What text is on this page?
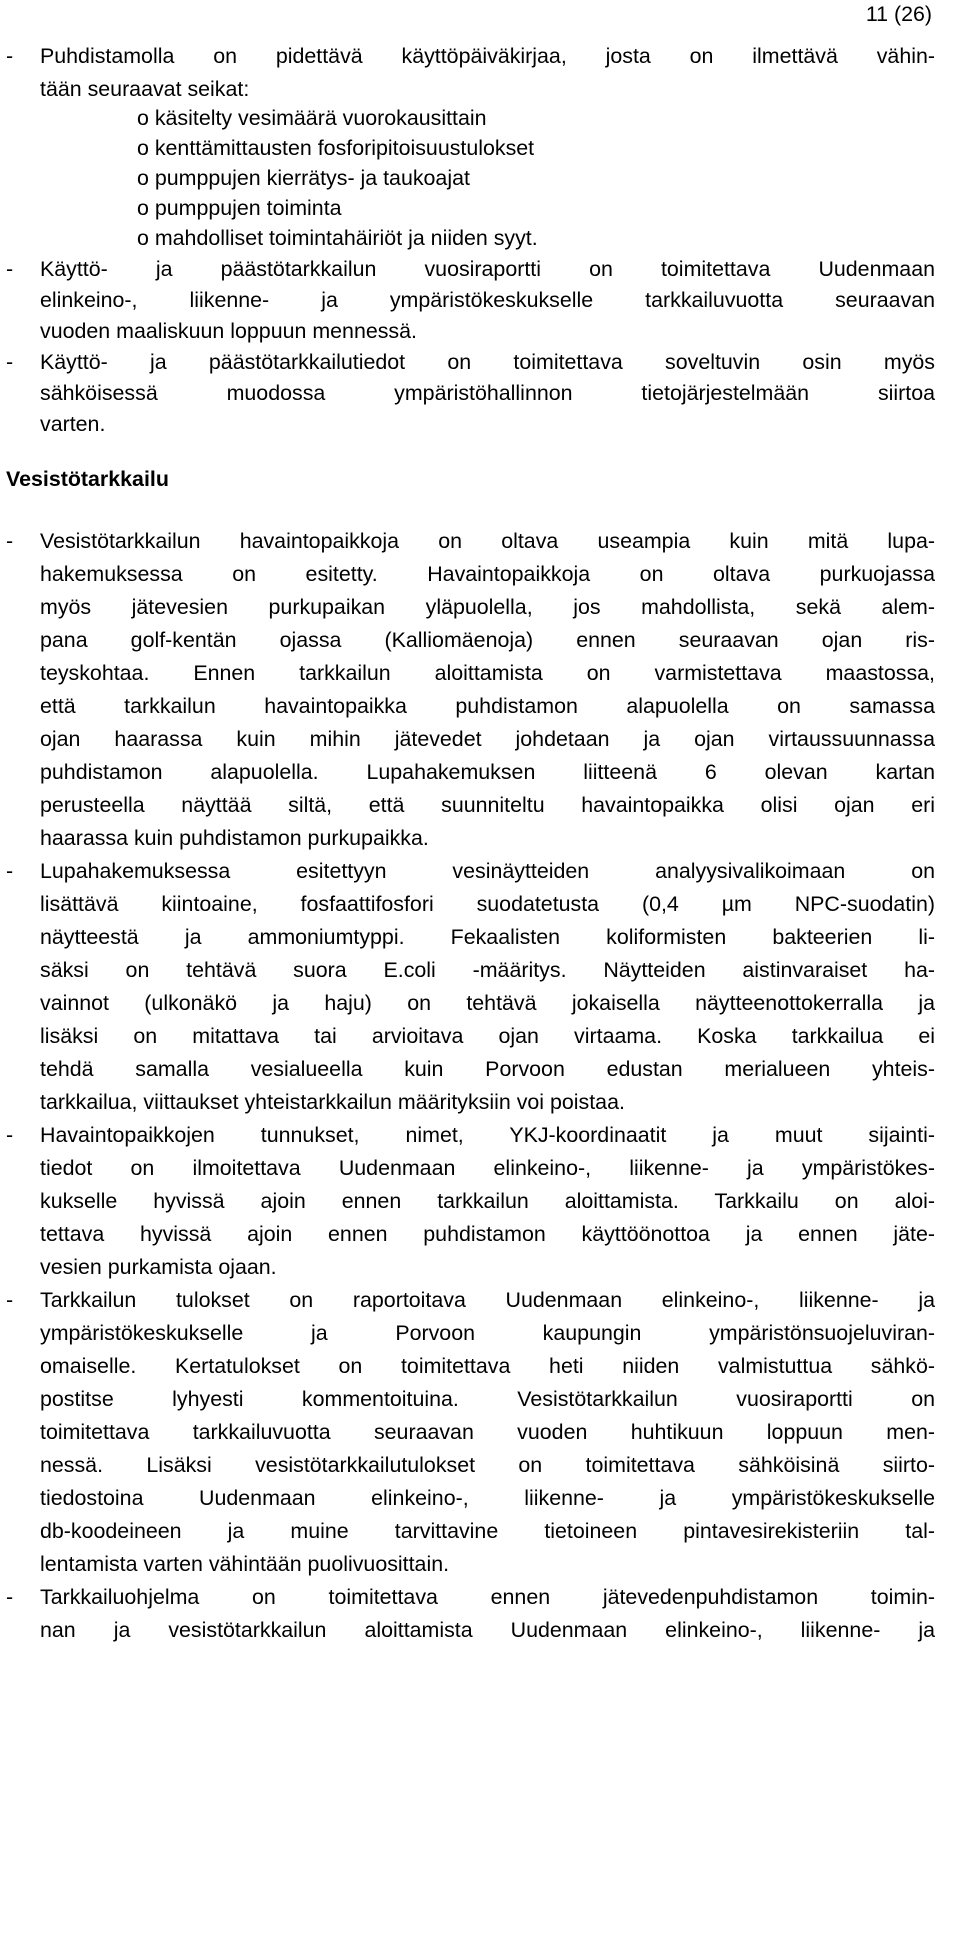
11 (26)
Vesistötarkkailu
Puhdistamolla on pidettävä käyttöpäiväkirjaa, josta on ilmettävä vähin-
tään seuraavat seikat:
o käsitelty vesimäärä vuorokausittain
o kenttämittausten fosforipitoisuustulokset
o pumppujen kierrätys- ja taukoajat
o pumppujen toiminta
o mahdolliset toimintahäiriöt ja niiden syyt.
Käyttö- ja päästötarkkailun vuosiraportti on toimitettava Uudenmaan
elinkeino-, liikenne- ja ympäristökeskukselle tarkkailuvuotta seuraavan
vuoden maaliskuun loppuun mennessä.
Käyttö- ja päästötarkkailutiedot on toimitettava soveltuvin osin myös
sähköisessä muodossa ympäristöhallinnon tietojärjestelmään siirtoa
varten.
Vesistötarkkailun havaintopaikkoja on oltava useampia kuin mitä lupa-
hakemuksessa on esitetty. Havaintopaikkoja on oltava purkuojassa
myös jätevesien purkupaikan yläpuolella, jos mahdollista, sekä alem-
pana golf-kentän ojassa (Kalliomäenoja) ennen seuraavan ojan ris-
teyskohtaa. Ennen tarkkailun aloittamista on varmistettava maastossa,
että tarkkailun havaintopaikka puhdistamon alapuolella on samassa
ojan haarassa kuin mihin jätevedet johdetaan ja ojan virtaussuunnassa
puhdistamon alapuolella. Lupahakemuksen liitteenä 6 olevan kartan
perusteella näyttää siltä, että suunniteltu havaintopaikka olisi ojan eri
haarassa kuin puhdistamon purkupaikka.
Lupahakemuksessa esitettyyn vesinäytteiden analyysivalikoimaan on
lisättävä kiintoaine, fosfaattifosfori suodatetusta (0,4 µm NPC-suodatin)
näytteestä ja ammoniumtyppi. Fekaalisten koliformisten bakteerien li-
säksi on tehtävä suora E.coli -määritys. Näytteiden aistinvaraiset ha-
vainnot (ulkonäkö ja haju) on tehtävä jokaisella näytteenottokerralla ja
lisäksi on mitattava tai arvioitava ojan virtaama. Koska tarkkailua ei
tehdä samalla vesialueella kuin Porvoon edustan merialueen yhteis-
tarkkailua, viittaukset yhteistarkkailun määrityksiin voi poistaa.
Havaintopaikkojen tunnukset, nimet, YKJ-koordinaatit ja muut sijainti-
tiedot on ilmoitettava Uudenmaan elinkeino-, liikenne- ja ympäristökes-
kukselle hyvissä ajoin ennen tarkkailun aloittamista. Tarkkailu on aloi-
tettava hyvissä ajoin ennen puhdistamon käyttöönottoa ja ennen jäte-
vesien purkamista ojaan.
Tarkkailun tulokset on raportoitava Uudenmaan elinkeino-, liikenne- ja
ympäristökeskukselle ja Porvoon kaupungin ympäristönsuojeluviran-
omaiselle. Kertatulokset on toimitettava heti niiden valmistuttua sähkö-
postitse lyhyesti kommentoituina. Vesistötarkkailun vuosiraportti on
toimitettava tarkkailuvuotta seuraavan vuoden huhtikuun loppuun men-
nessä. Lisäksi vesistötarkkailutulokset on toimitettava sähköisinä siirto-
tiedostoina Uudenmaan elinkeino-, liikenne- ja ympäristökeskukselle
db-koodeineen ja muine tarvittavine tietoineen pintavesirekisteriin tal-
lentamista varten vähintään puolivuosittain.
Tarkkailuohjelma on toimitettava ennen jätevedenpuhdistamon toimin-
nan ja vesistötarkkailun aloittamista Uudenmaan elinkeino-, liikenne- ja
-
-
-
-
-
-
-
-
